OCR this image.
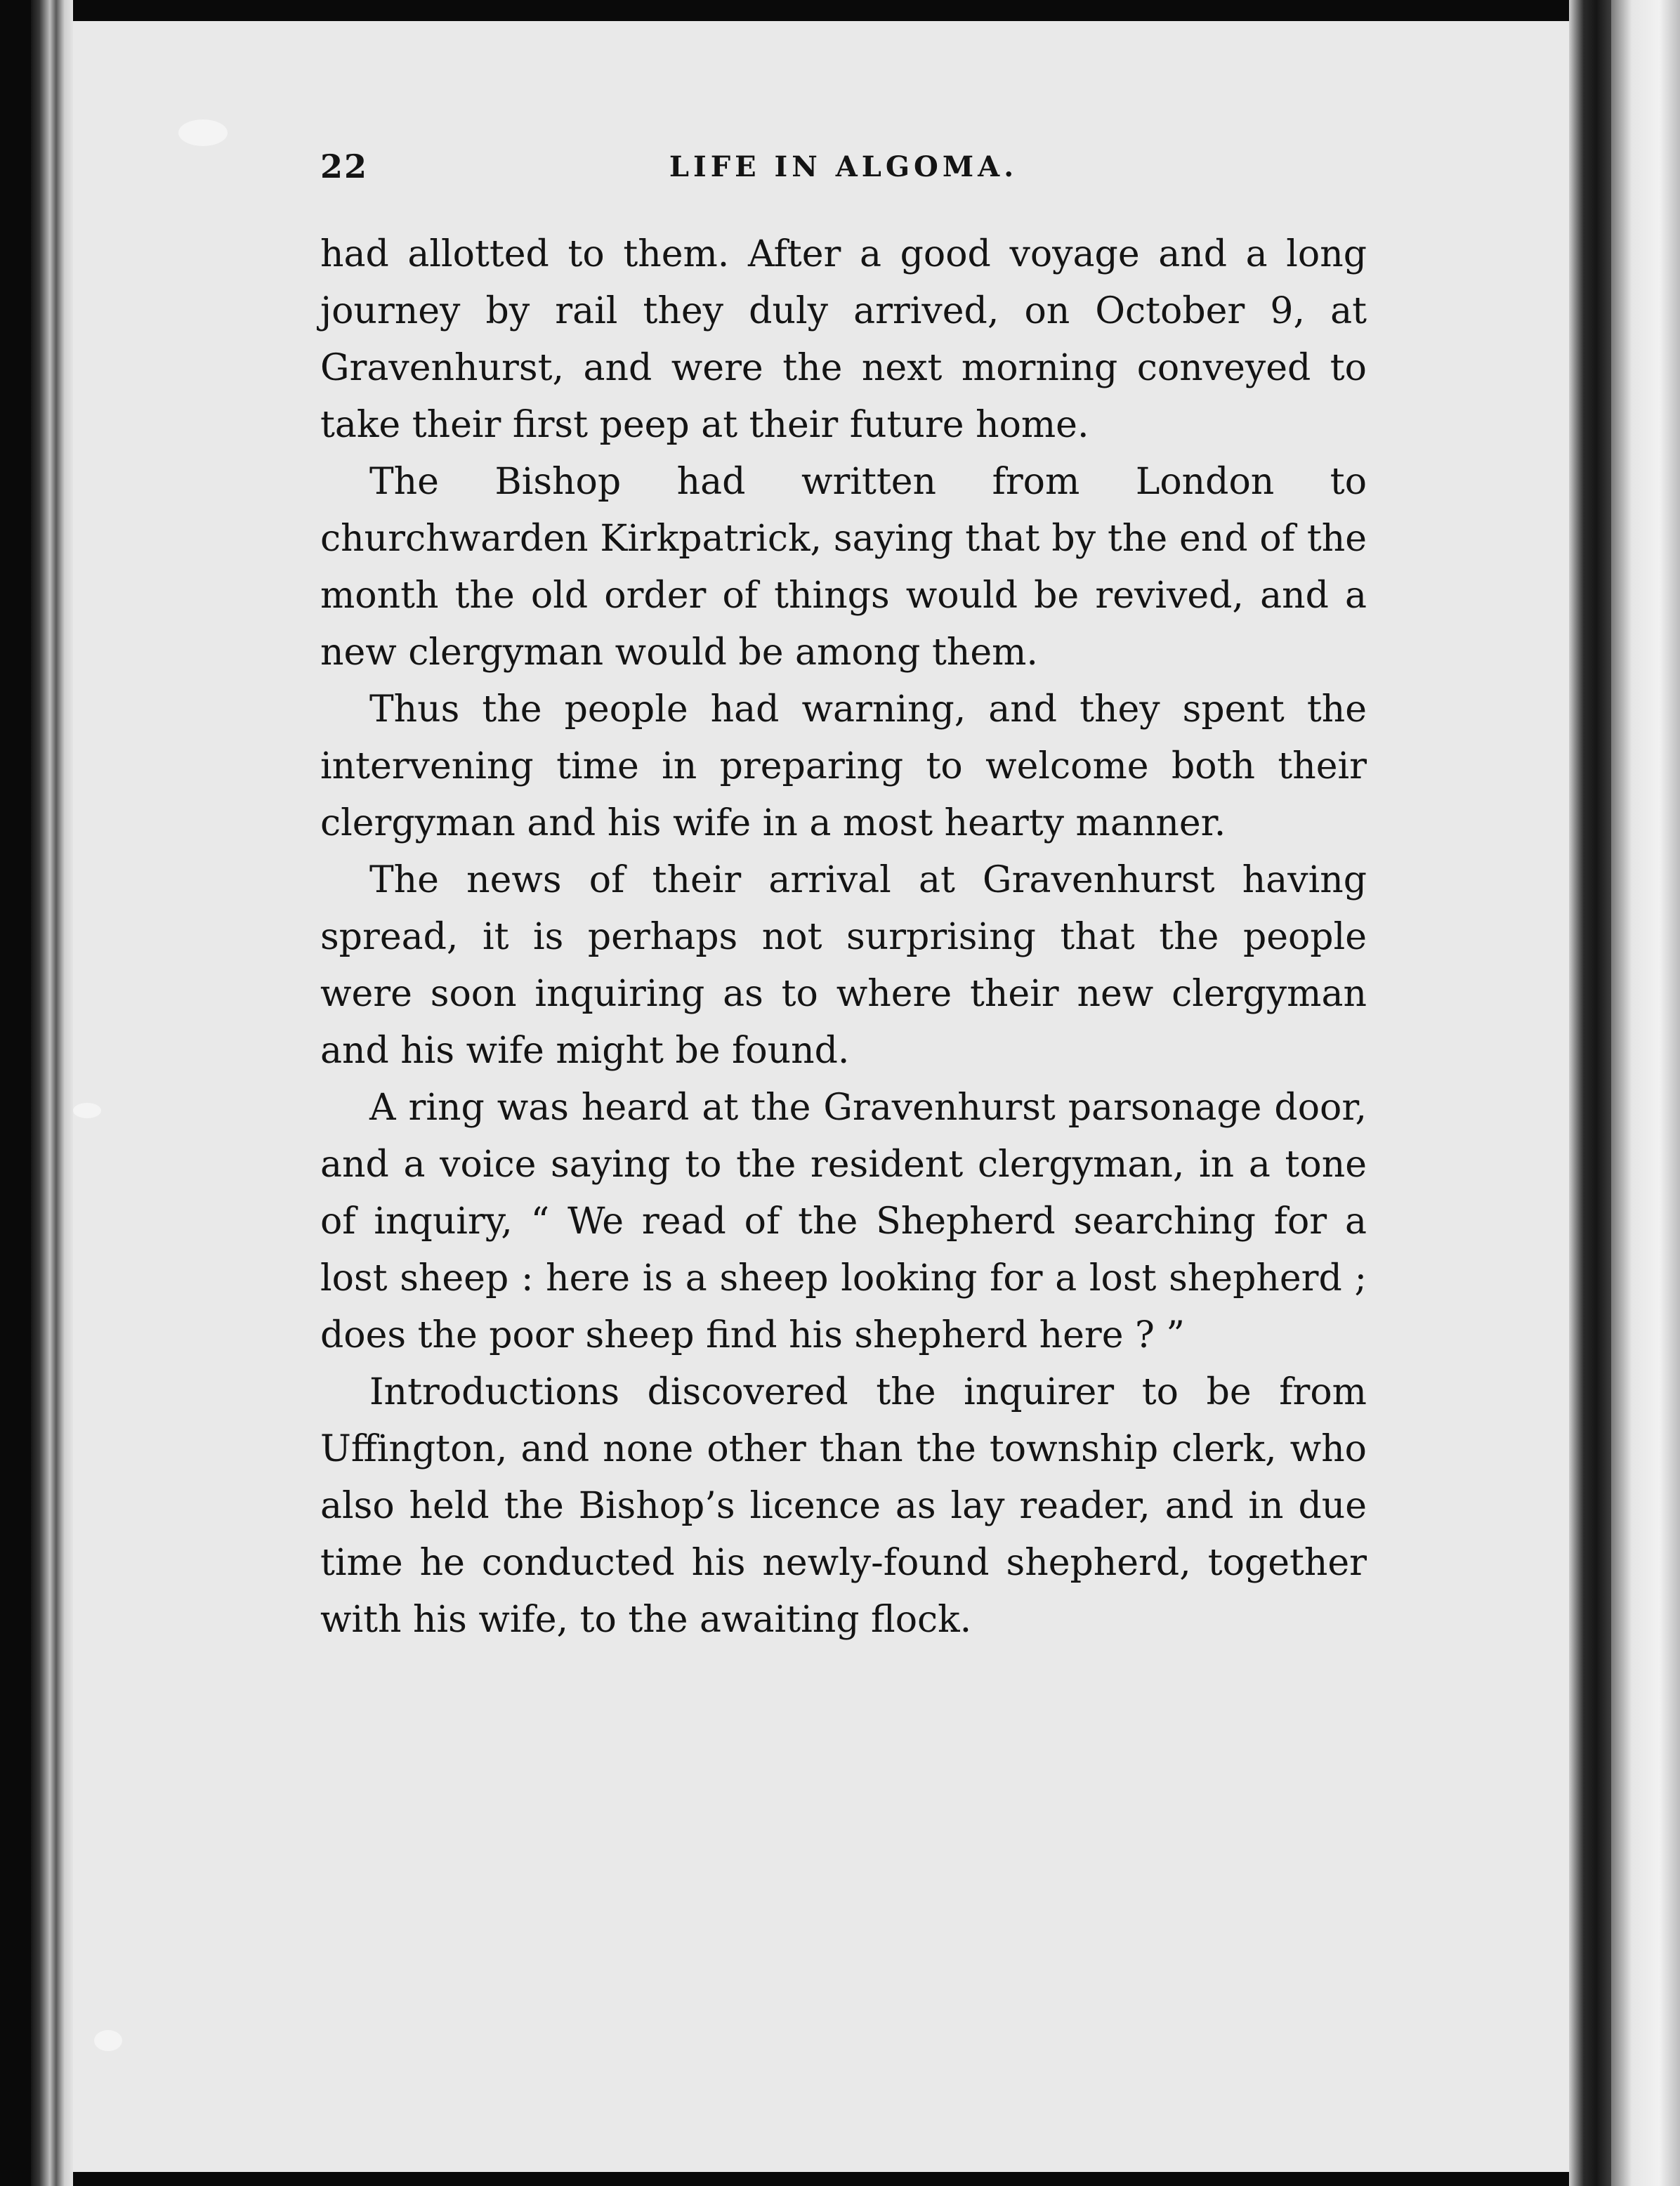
22	LIFE IN ALGOMA.

had allotted to them. After a good voyage and a long journey by rail they duly arrived, on October 9, at Gravenhurst, and were the next morning conveyed to take their first peep at their future home.

The Bishop had written from London to churchwarden Kirkpatrick, saying that by the end of the month the old order of things would be revived, and a new clergyman would be among them.

Thus the people had warning, and they spent the intervening time in preparing to welcome both their clergyman and his wife in a most hearty manner.

The news of their arrival at Gravenhurst having spread, it is perhaps not surprising that the people were soon inquiring as to where their new clergyman and his wife might be found.

A ring was heard at the Gravenhurst parsonage door, and a voice saying to the resident clergyman, in a tone of inquiry, “ We read of the Shepherd searching for a lost sheep : here is a sheep looking for a lost shepherd ; does the poor sheep find his shepherd here ? ”

Introductions discovered the inquirer to be from Uffington, and none other than the township clerk, who also held the Bishop’s licence as lay reader, and in due time he conducted his newly-found shepherd, together with his wife, to the awaiting flock.
